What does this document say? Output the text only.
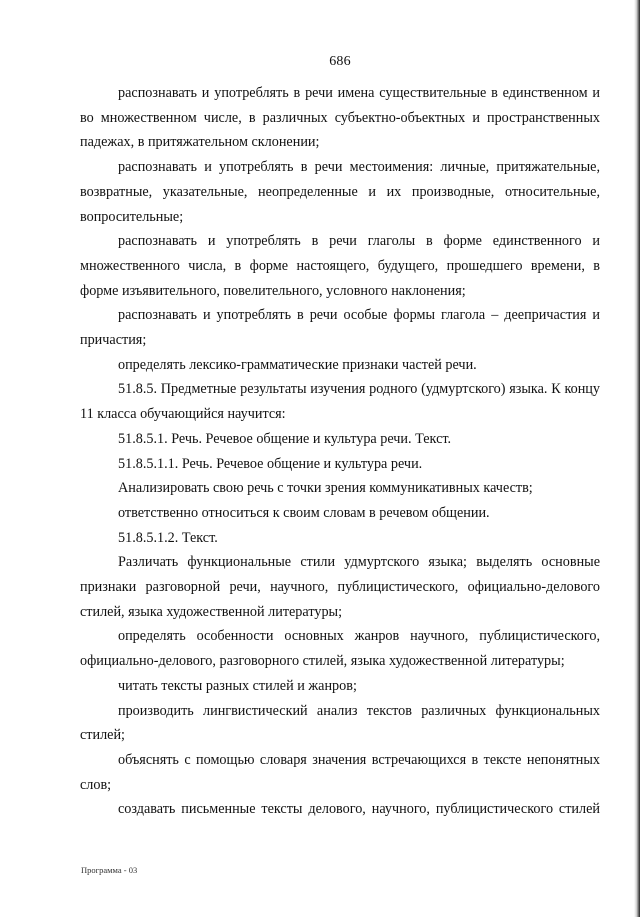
686

распознавать и употреблять в речи имена существительные в единственном и во множественном числе, в различных субъектно-объектных и пространственных падежах, в притяжательном склонении;

распознавать и употреблять в речи местоимения: личные, притяжательные, возвратные, указательные, неопределенные и их производные, относительные, вопросительные;

распознавать и употреблять в речи глаголы в форме единственного и множественного числа, в форме настоящего, будущего, прошедшего времени, в форме изъявительного, повелительного, условного наклонения;

распознавать и употреблять в речи особые формы глагола – деепричастия и причастия;

определять лексико-грамматические признаки частей речи.

51.8.5. Предметные результаты изучения родного (удмуртского) языка. К концу 11 класса обучающийся научится:

51.8.5.1. Речь. Речевое общение и культура речи. Текст.

51.8.5.1.1. Речь. Речевое общение и культура речи.

Анализировать свою речь с точки зрения коммуникативных качеств;

ответственно относиться к своим словам в речевом общении.

51.8.5.1.2. Текст.

Различать функциональные стили удмуртского языка; выделять основные признаки разговорной речи, научного, публицистического, официально-делового стилей, языка художественной литературы;

определять особенности основных жанров научного, публицистического, официально-делового, разговорного стилей, языка художественной литературы;

читать тексты разных стилей и жанров;

производить лингвистический анализ текстов различных функциональных стилей;

объяснять с помощью словаря значения встречающихся в тексте непонятных слов;

создавать письменные тексты делового, научного, публицистического стилей

Программа - 03
